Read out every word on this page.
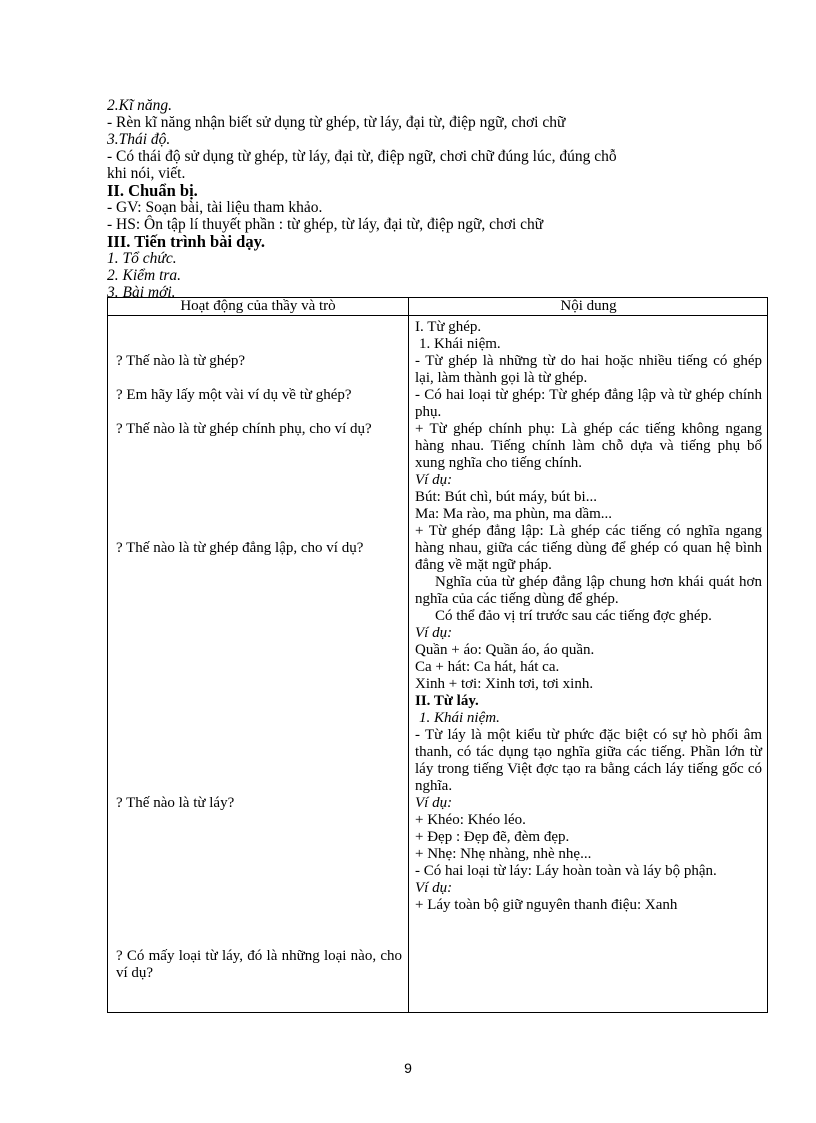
2.Kĩ năng.
- Rèn kĩ năng nhận biết sử dụng từ ghép, từ láy, đại từ, điệp ngữ, chơi chữ
3.Thái độ.
- Có thái độ sử dụng từ ghép, từ láy, đại từ, điệp ngữ, chơi chữ đúng lúc, đúng chỗ
khi nói, viết.
II. Chuẩn bị.
- GV: Soạn bài, tài liệu tham khảo.
- HS: Ôn tập lí thuyết phần : từ ghép, từ láy, đại từ, điệp ngữ, chơi chữ
III. Tiến trình bài dạy.
1. Tổ chức.
2. Kiểm tra.
3. Bài mới.
Hoạt động của thầy và trò	Nội dung
? Thế nào là từ ghép?
? Em hãy lấy một vài ví dụ về từ ghép?
? Thế nào là từ ghép chính phụ, cho ví dụ?
? Thế nào là từ ghép đẳng lập, cho ví dụ?
? Thế nào là từ láy?
? Có mấy loại từ láy, đó là những loại nào, cho ví dụ?
I. Từ ghép.
1. Khái niệm.
- Từ ghép là những từ do hai hoặc nhiều tiếng có ghép lại, làm thành gọi là từ ghép.
- Có hai loại từ ghép: Từ ghép đẳng lập và từ ghép chính phụ.
+ Từ ghép chính phụ: Là ghép các tiếng không ngang hàng nhau. Tiếng chính làm chỗ dựa và tiếng phụ bổ xung nghĩa cho tiếng chính.
Ví dụ:
Bút: Bút chì, bút máy, bút bi...
Ma: Ma rào, ma phùn, ma dầm...
+ Từ ghép đẳng lập: Là ghép các tiếng có nghĩa ngang hàng nhau, giữa các tiếng dùng để ghép có quan hệ bình đẳng về mặt ngữ pháp.
Nghĩa của từ ghép đẳng lập chung hơn khái quát hơn nghĩa của các tiếng dùng để ghép.
Có thể đảo vị trí trước sau các tiếng đợc ghép.
Ví dụ:
Quần + áo: Quần áo, áo quần.
Ca + hát: Ca hát, hát ca.
Xinh + tơi: Xinh tơi, tơi xinh.
II. Từ láy.
1. Khái niệm.
- Từ láy là một kiểu từ phức đặc biệt có sự hò phối âm thanh, có tác dụng tạo nghĩa giữa các tiếng. Phần lớn từ láy trong tiếng Việt đợc tạo ra bằng cách láy tiếng gốc có nghĩa.
Ví dụ:
+ Khéo: Khéo léo.
+ Đẹp : Đẹp đẽ, đèm đẹp.
+ Nhẹ: Nhẹ nhàng, nhè nhẹ...
- Có hai loại từ láy: Láy hoàn toàn và láy bộ phận.
Ví dụ:
+ Láy toàn bộ giữ nguyên thanh điệu: Xanh
9
